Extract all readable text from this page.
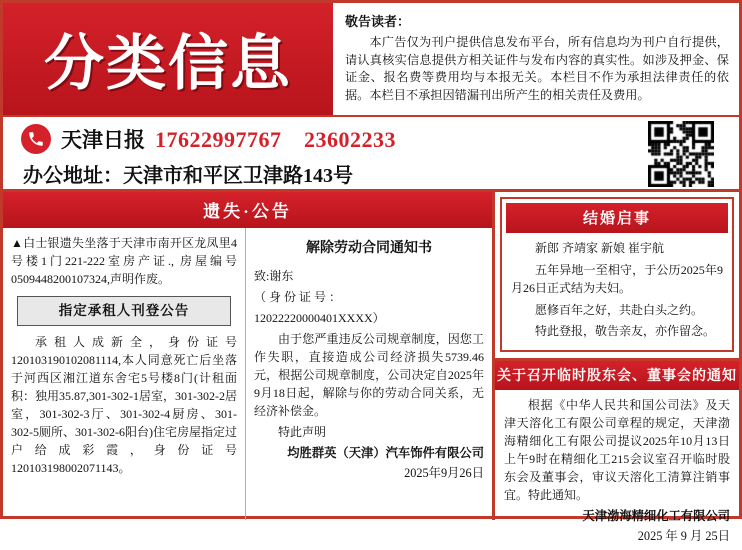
分类信息
敬告读者：
本广告仅为刊户提供信息发布平台，所有信息均为刊户自行提供，请认真核实信息提供方相关证件与发布内容的真实性。如涉及押金、保证金、报名费等费用均与本报无关。本栏目不作为承担法律责任的依据。本栏目不承担因错漏刊出所产生的相关责任及费用。
天津日报 17622997767　23602233
办公地址：天津市和平区卫津路143号
遗失·公告

▲白士银遗失坐落于天津市南开区龙凤里4号楼1门221-222室房产证., 房屋编号0509448200107324,声明作废。

指定承租人刊登公告

承租人成新全，身份证号120103190102081114,本人同意死亡后坐落于河西区湘江道东舍宅5号楼8门(计租面积：独用35.87,301-302-1居室，301-302-2居室，301-302-3厅、301-302-4厨房、301-302-5厕所、301-302-6阳台)住宅房屋指定过户给成彩霞，身份证号120103198002071143。

解除劳动合同通知书

致:谢东

（ 身 份 证 号 ：

12022220000401XXXX）

由于您严重违反公司规章制度，因您工作失职，直接造成公司经济损失5739.46元，根据公司规章制度，公司决定自2025年9月18日起，解除与你的劳动合同关系，无经济补偿金。

特此声明

均胜群英（天津）汽车饰件有限公司

2025年9月26日

结婚启事

新郎 齐靖家 新娘 崔宇航

五年异地一至相守，于公历2025年9月26日正式结为夫妇。

愿修百年之好，共赴白头之约。

特此登报，敬告亲友，亦作留念。

关于召开临时股东会、董事会的通知

根据《中华人民共和国公司法》及天津天溶化工有限公司章程的规定，天津渤海精细化工有限公司提议2025年10月13日上午9时在精细化工215会议室召开临时股东会及董事会，审议天溶化工清算注销事宜。特此通知。

天津渤海精细化工有限公司

2025 年 9 月 25日
